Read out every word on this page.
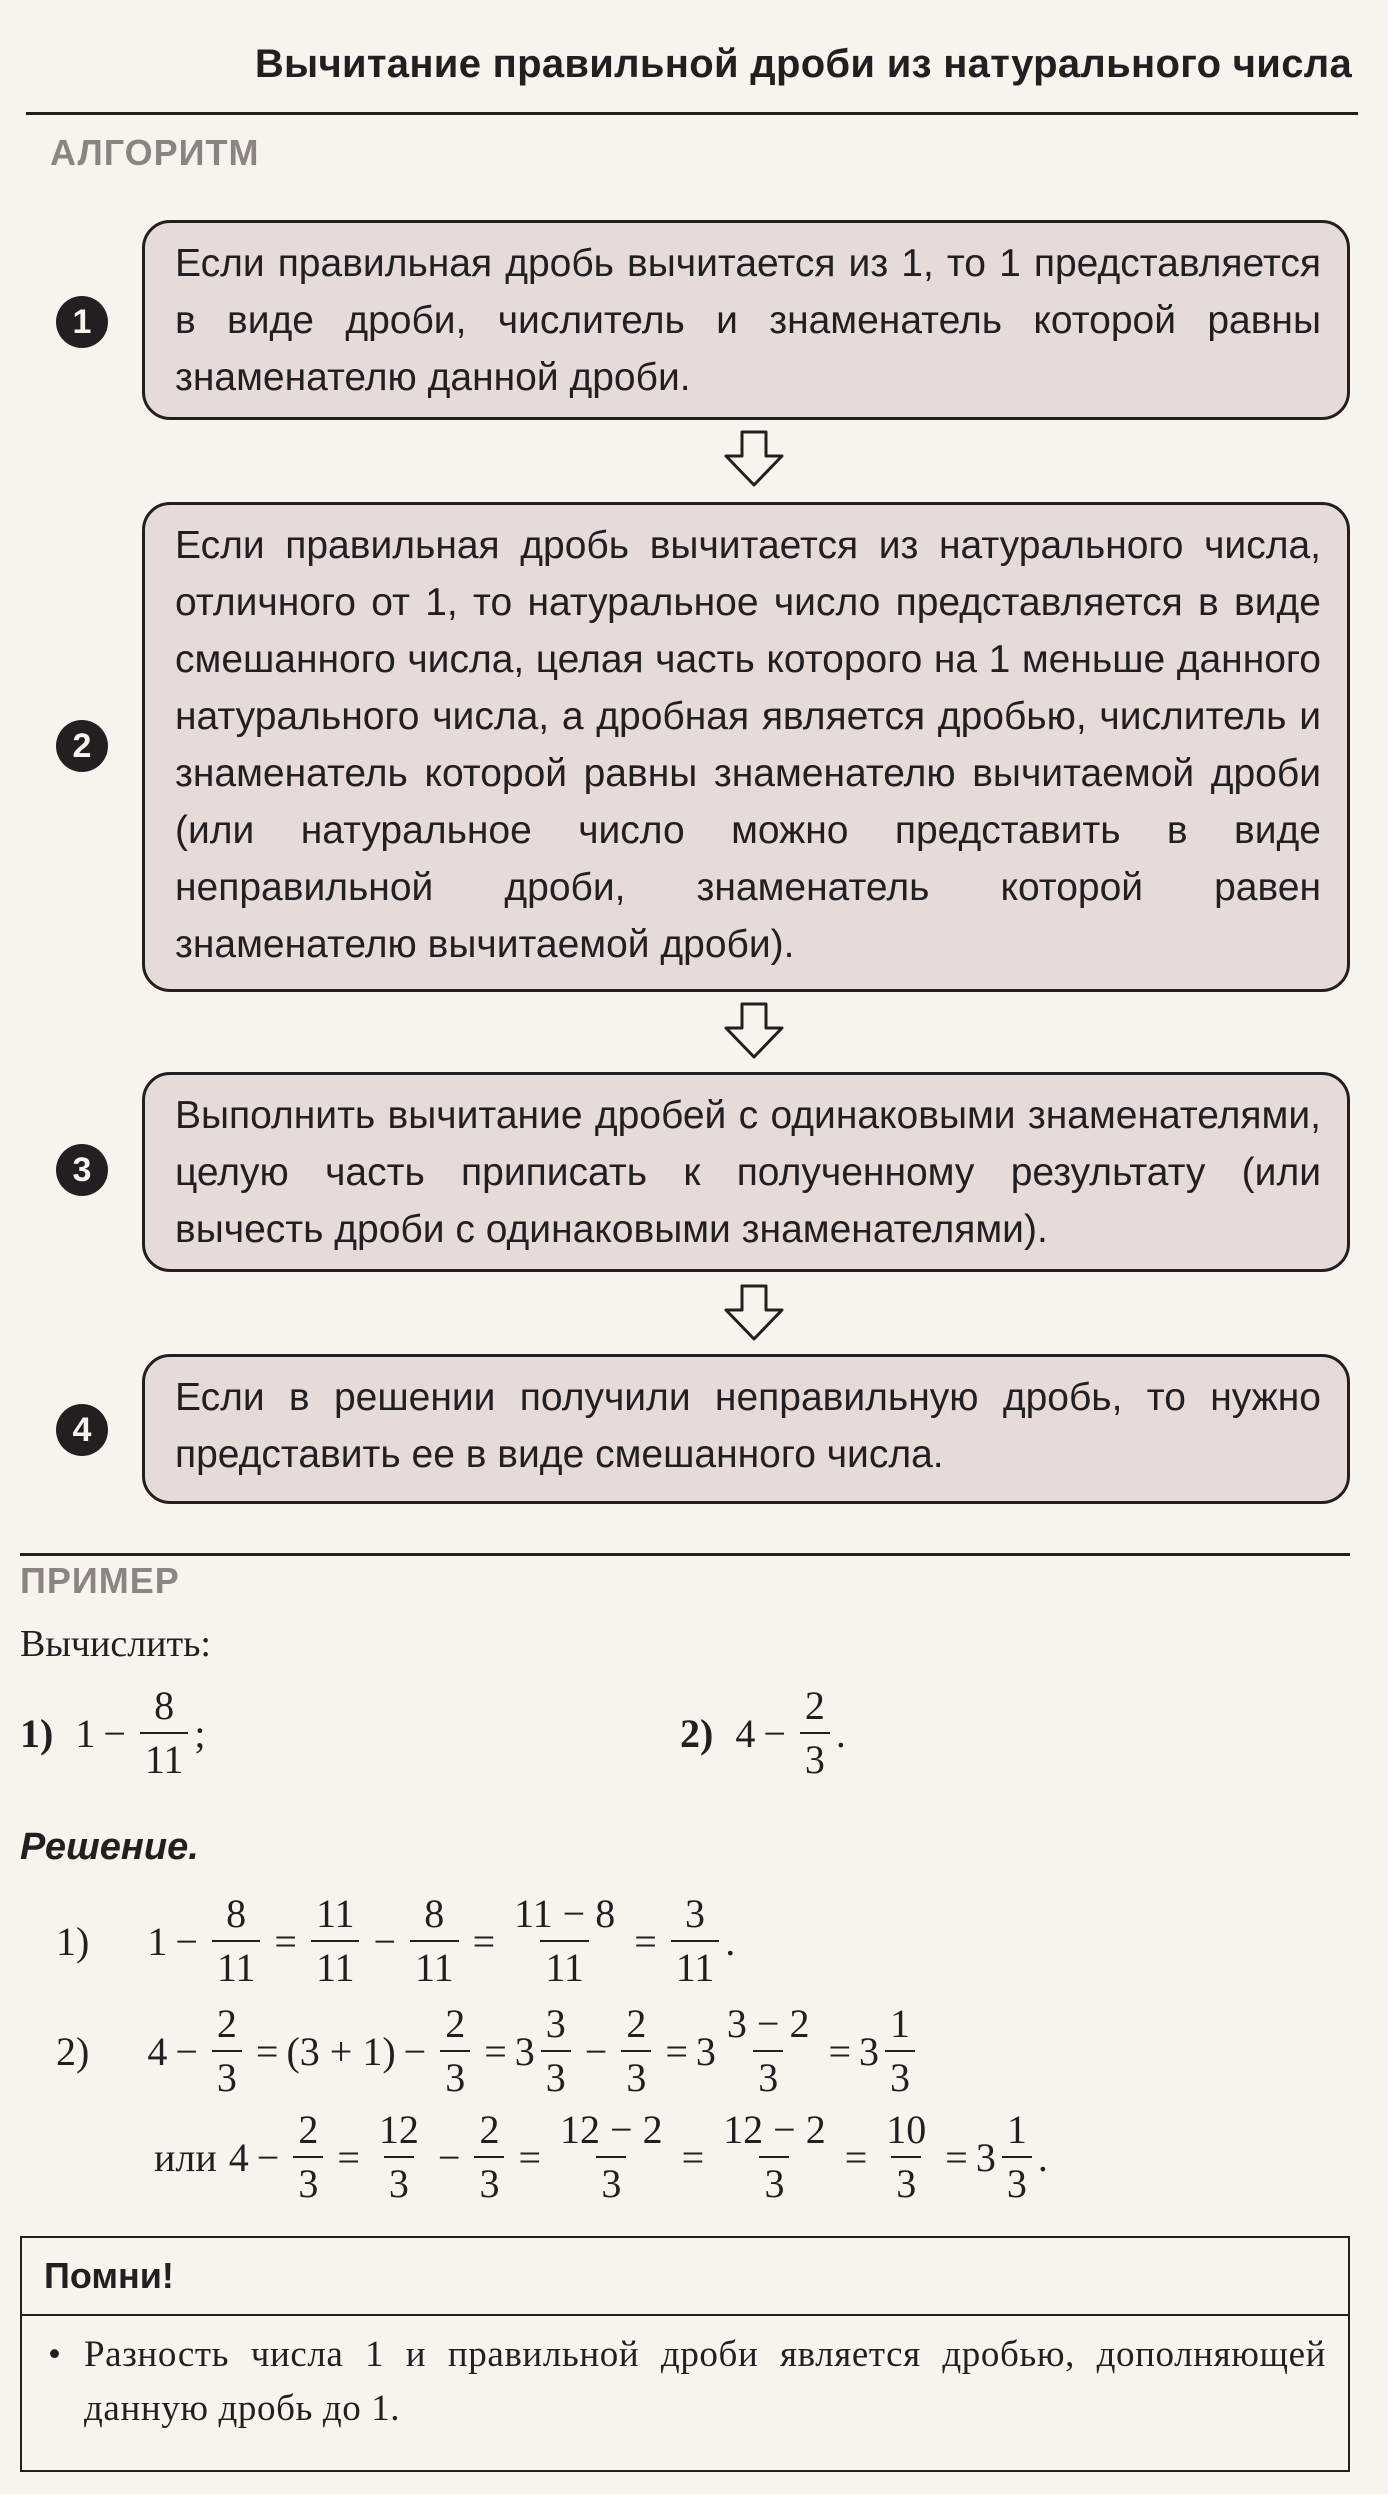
Вычитание правильной дроби из натурального числа
АЛГОРИТМ
1
Если правильная дробь вычитается из 1, то 1 представляется в виде дроби, числитель и знаменатель которой равны знаменателю данной дроби.
2
Если правильная дробь вычитается из натурального числа, отличного от 1, то натуральное число представляется в виде смешанного числа, целая часть которого на 1 меньше данного натурального числа, а дробная является дробью, числитель и знаменатель которой равны знаменателю вычитаемой дроби (или натуральное число можно представить в виде неправильной дроби, знаменатель которой равен знаменателю вычитаемой дроби).
3
Выполнить вычитание дробей с одинаковыми знаменателями, целую часть приписать к полученному результату (или вычесть дроби с одинаковыми знаменателями).
4
Если в решении получили неправильную дробь, то нужно представить ее в виде смешанного числа.
ПРИМЕР
Вычислить:
1) $1 - \frac{8}{11}$ ;	2) $4 - \frac{2}{3}$ .
Решение.
1) $1 - \frac{8}{11} = \frac{11}{11} - \frac{8}{11} = \frac{11 - 8}{11} = \frac{3}{11}$ .
2) $4 - \frac{2}{3} = (3 + 1) - \frac{2}{3} = 3 \frac{3}{3} - \frac{2}{3} = 3 \frac{3 - 2}{3} = 3 \frac{1}{3}$
или $4 - \frac{2}{3} = \frac{12}{3} - \frac{2}{3} = \frac{12 - 2}{3} = \frac{12 - 2}{3} = \frac{10}{3} = 3 \frac{1}{3}$ .
Помни!
• Разность числа 1 и правильной дроби является дробью, дополняющей данную дробь до 1.
